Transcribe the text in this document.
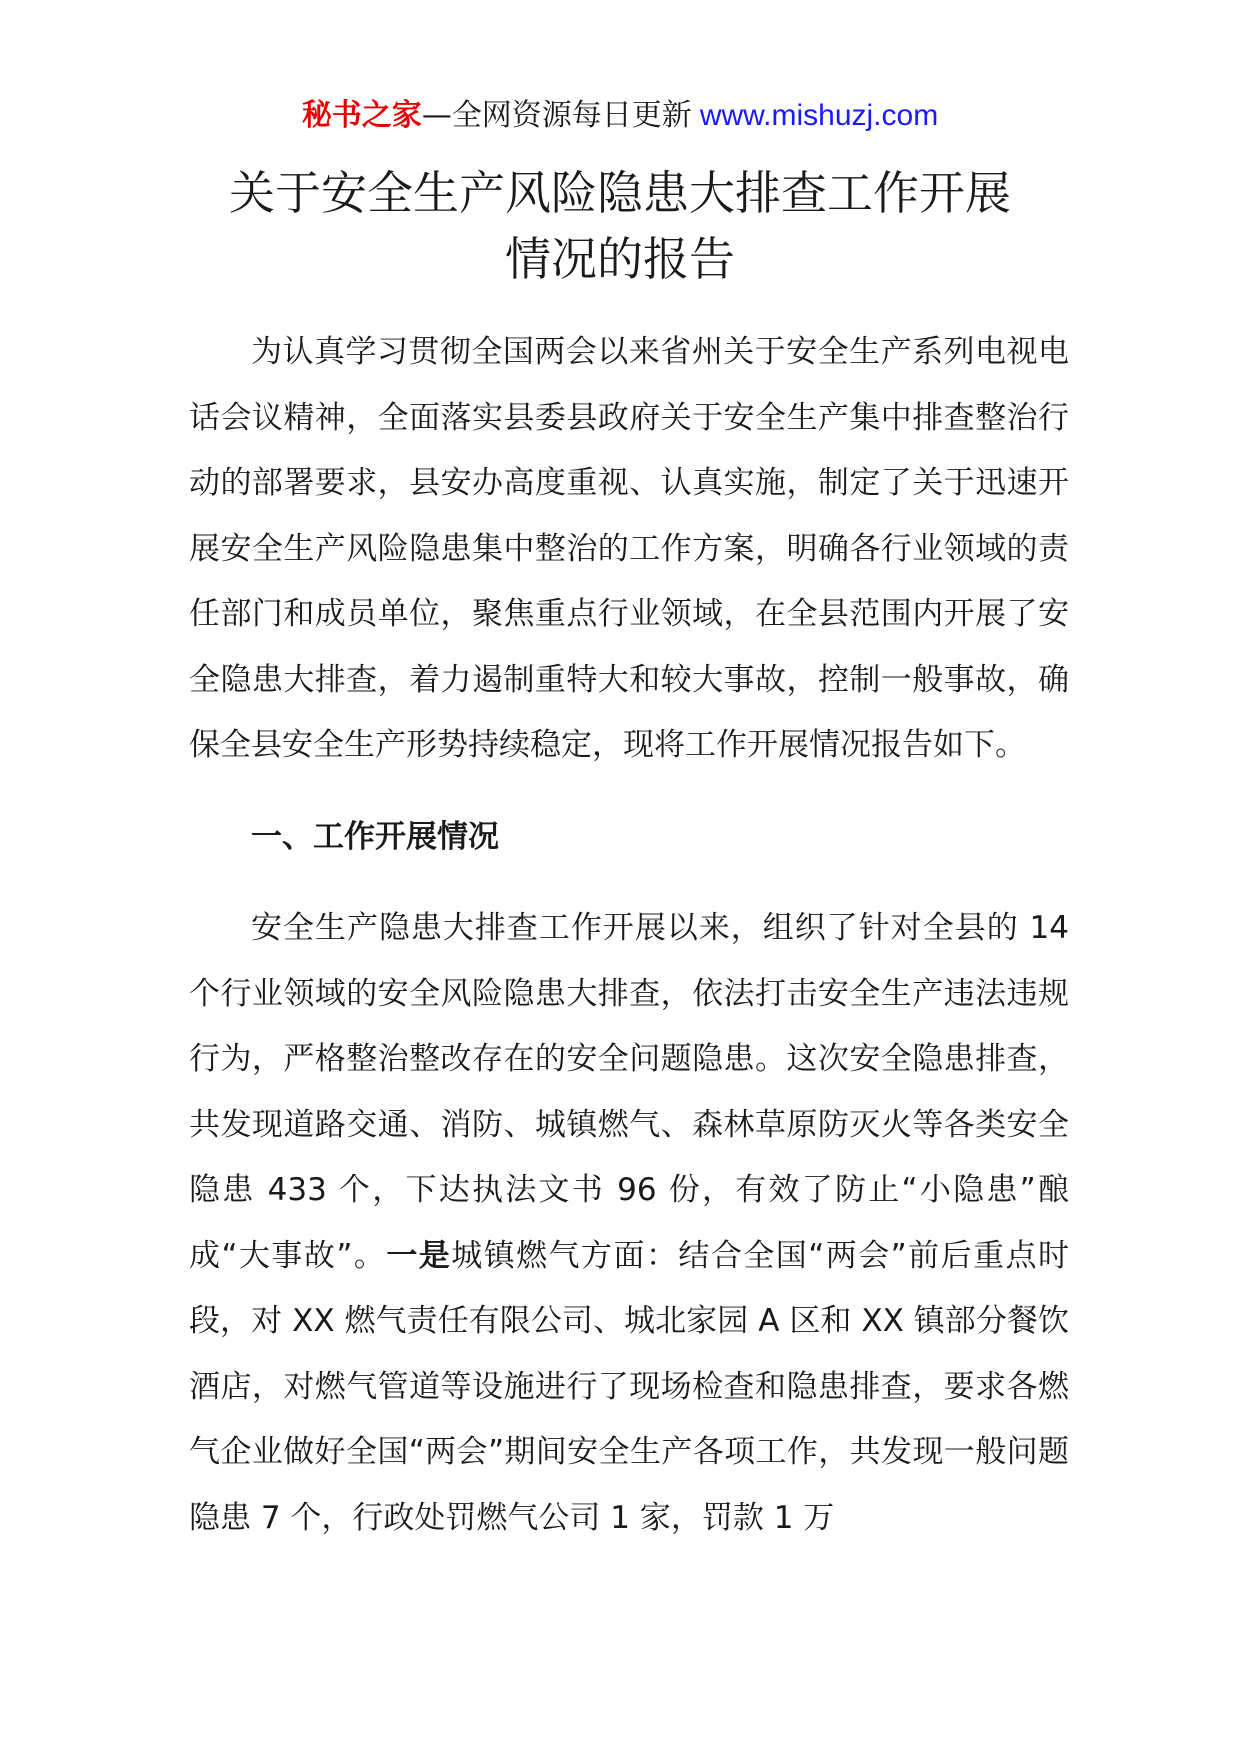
秘书之家—全网资源每日更新 www.mishuzj.com
关于安全生产风险隐患大排查工作开展
情况的报告

为认真学习贯彻全国两会以来省州关于安全生产系列电视电话会议精神，全面落实县委县政府关于安全生产集中排查整治行动的部署要求，县安办高度重视、认真实施，制定了关于迅速开展安全生产风险隐患集中整治的工作方案，明确各行业领域的责任部门和成员单位，聚焦重点行业领域，在全县范围内开展了安全隐患大排查，着力遏制重特大和较大事故，控制一般事故，确保全县安全生产形势持续稳定，现将工作开展情况报告如下。

一、工作开展情况

安全生产隐患大排查工作开展以来，组织了针对全县的 14 个行业领域的安全风险隐患大排查，依法打击安全生产违法违规行为，严格整治整改存在的安全问题隐患。这次安全隐患排查，共发现道路交通、消防、城镇燃气、森林草原防灭火等各类安全隐患 433 个，下达执法文书 96 份，有效了防止“小隐患”酿成“大事故”。一是城镇燃气方面：结合全国“两会”前后重点时段，对 XX 燃气责任有限公司、城北家园 A 区和 XX 镇部分餐饮酒店，对燃气管道等设施进行了现场检查和隐患排查，要求各燃气企业做好全国“两会”期间安全生产各项工作，共发现一般问题隐患 7 个，行政处罚燃气公司 1 家，罚款 1 万
